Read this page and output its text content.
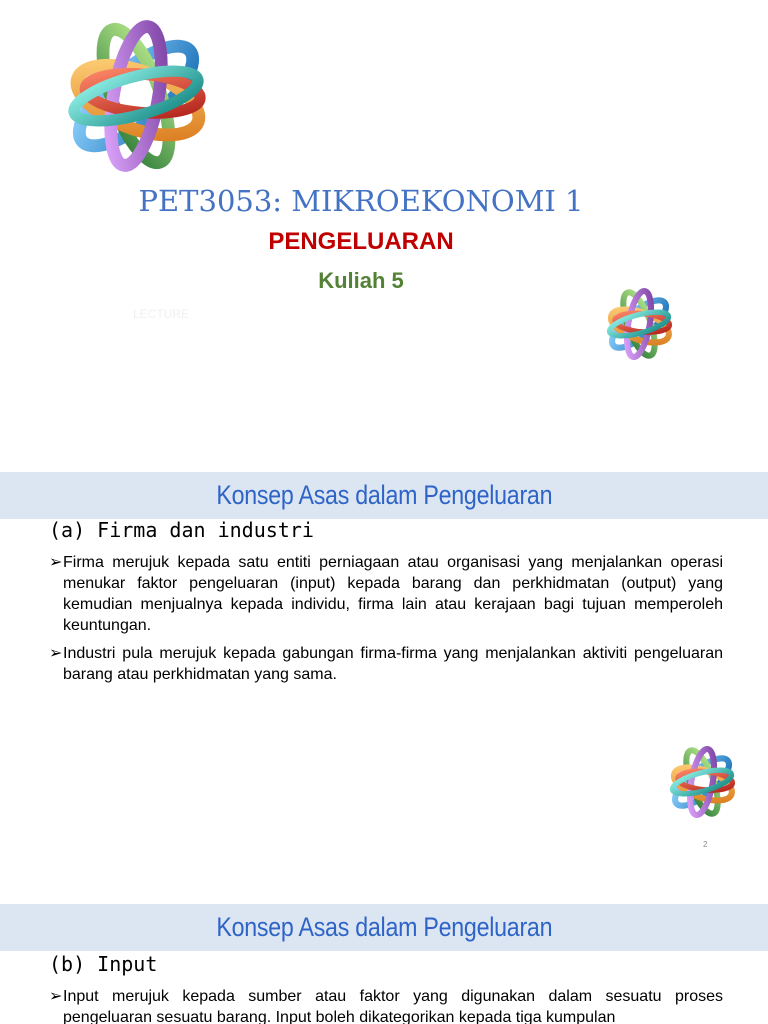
PET3053: MIKROEKONOMI 1
PENGELUARAN
Kuliah 5
LECTURE
Konsep Asas dalam Pengeluaran
(a) Firma dan industri
➢Firma merujuk kepada satu entiti perniagaan atau organisasi yang menjalankan operasi menukar faktor pengeluaran (input) kepada barang dan perkhidmatan (output) yang kemudian menjualnya kepada individu, firma lain atau kerajaan bagi tujuan memperoleh keuntungan.
➢Industri pula merujuk kepada gabungan firma-firma yang menjalankan aktiviti pengeluaran barang atau perkhidmatan yang sama.
2
Konsep Asas dalam Pengeluaran
(b) Input
➢Input merujuk kepada sumber atau faktor yang digunakan dalam sesuatu proses pengeluaran sesuatu barang. Input boleh dikategorikan kepada tiga kumpulan
